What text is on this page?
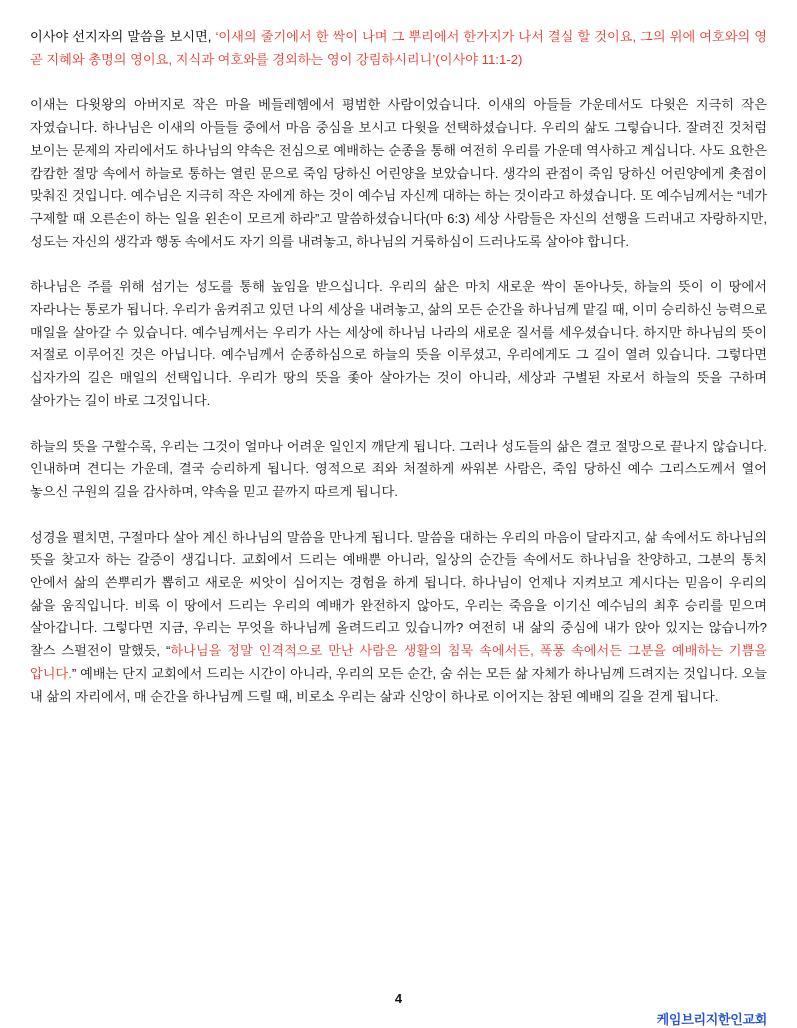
이사야 선지자의 말씀을 보시면, ‘이새의 줄기에서 한 싹이 나며 그 뿌리에서 한가지가 나서 결실 할 것이요, 그의 위에 여호와의 영 곧 지혜와 총명의 영이요, 지식과 여호와를 경외하는 영이 강림하시리니’(이사야 11:1-2)

이새는 다윗왕의 아버지로 작은 마을 베들레헴에서 평범한 사람이었습니다. 이새의 아들들 가운데서도 다윗은 지극히 작은 자였습니다. 하나님은 이새의 아들들 중에서 마음 중심을 보시고 다윗을 선택하셨습니다. 우리의 삶도 그렇습니다. 잘려진 것처럼 보이는 문제의 자리에서도 하나님의 약속은 전심으로 예배하는 순종을 통해 여전히 우리를 가운데 역사하고 계십니다. 사도 요한은 캄캄한 절망 속에서 하늘로 통하는 열린 문으로 죽임 당하신 어린양을 보았습니다. 생각의 관점이 죽임 당하신 어린양에게 촛점이 맞춰진 것입니다. 예수님은 지극히 작은 자에게 하는 것이 예수님 자신께 대하는 하는 것이라고 하셨습니다. 또 예수님께서는 “네가 구제할 때 오른손이 하는 일을 왼손이 모르게 하라”고 말씀하셨습니다(마 6:3) 세상 사람들은 자신의 선행을 드러내고 자랑하지만, 성도는 자신의 생각과 행동 속에서도 자기 의를 내려놓고, 하나님의 거룩하심이 드러나도록 살아야 합니다.

하나님은 주를 위해 섬기는 성도를 통해 높임을 받으십니다. 우리의 삶은 마치 새로운 싹이 돋아나듯, 하늘의 뜻이 이 땅에서 자라나는 통로가 됩니다. 우리가 움켜쥐고 있던 나의 세상을 내려놓고, 삶의 모든 순간을 하나님께 맡길 때, 이미 승리하신 능력으로 매일을 살아갈 수 있습니다. 예수님께서는 우리가 사는 세상에 하나님 나라의 새로운 질서를 세우셨습니다. 하지만 하나님의 뜻이 저절로 이루어진 것은 아닙니다. 예수님께서 순종하심으로 하늘의 뜻을 이루셨고, 우리에게도 그 길이 열려 있습니다. 그렇다면 십자가의 길은 매일의 선택입니다. 우리가 땅의 뜻을 좇아 살아가는 것이 아니라, 세상과 구별된 자로서 하늘의 뜻을 구하며 살아가는 길이 바로 그것입니다.

하늘의 뜻을 구할수록, 우리는 그것이 얼마나 어려운 일인지 깨닫게 됩니다. 그러나 성도들의 삶은 결코 절망으로 끝나지 않습니다. 인내하며 견디는 가운데, 결국 승리하게 됩니다. 영적으로 죄와 처절하게 싸워본 사람은, 죽임 당하신 예수 그리스도께서 열어 놓으신 구원의 길을 감사하며, 약속을 믿고 끝까지 따르게 됩니다.

성경을 펼치면, 구절마다 살아 계신 하나님의 말씀을 만나게 됩니다. 말씀을 대하는 우리의 마음이 달라지고, 삶 속에서도 하나님의 뜻을 찾고자 하는 갈증이 생깁니다. 교회에서 드리는 예배뿐 아니라, 일상의 순간들 속에서도 하나님을 찬양하고, 그분의 통치 안에서 삶의 쓴뿌리가 뽑히고 새로운 씨앗이 심어지는 경험을 하게 됩니다. 하나님이 언제나 지켜보고 계시다는 믿음이 우리의 삶을 움직입니다. 비록 이 땅에서 드리는 우리의 예배가 완전하지 않아도, 우리는 죽음을 이기신 예수님의 최후 승리를 믿으며 살아갑니다. 그렇다면 지금, 우리는 무엇을 하나님께 올려드리고 있습니까? 여전히 내 삶의 중심에 내가 앉아 있지는 않습니까? 찰스 스펄전이 말했듯, “하나님을 정말 인격적으로 만난 사람은 생활의 침묵 속에서든, 폭풍 속에서든 그분을 예배하는 기쁨을 압니다.” 예배는 단지 교회에서 드리는 시간이 아니라, 우리의 모든 순간, 숨 쉬는 모든 삶 자체가 하나님께 드려지는 것입니다. 오늘 내 삶의 자리에서, 매 순간을 하나님께 드릴 때, 비로소 우리는 삶과 신앙이 하나로 이어지는 참된 예배의 길을 걷게 됩니다.

4
케임브리지한인교회
